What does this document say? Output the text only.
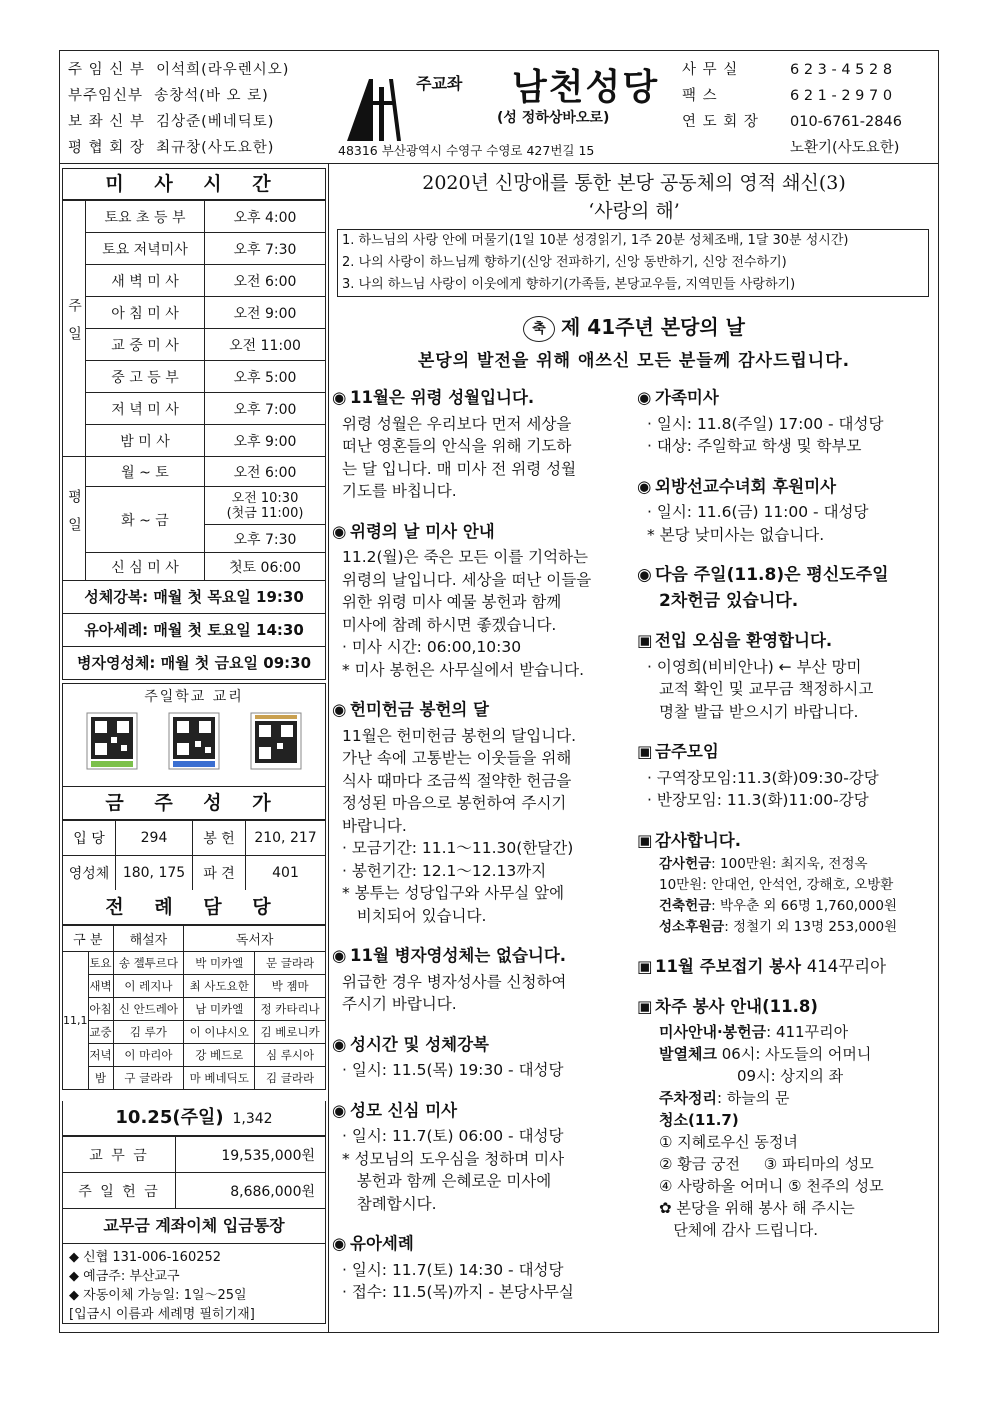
주 임 신 부 이석희(라우렌시오)
부주임신부 송창석(바 오 로)
보 좌 신 부 김상준(베네딕토)
평 협 회 장 최규창(사도요한)
주교좌 남천성당
(성 정하상바오로)
48316 부산광역시 수영구 수영로 427번길 15
사 무 실	6 2 3 - 4 5 2 8
팩 스	6 2 1 - 2 9 7 0
연 도 회 장	010-6761-2846
노환기(사도요한)
미 사 시 간
주일	토요 초 등 부	오후 4:00
	토요 저녁미사	오후 7:30
	새 벽 미 사	오전 6:00
	아 침 미 사	오전 9:00
	교 중 미 사	오전 11:00
	중 고 등 부	오후 5:00
	저 녁 미 사	오후 7:00
	밤 미 사	오후 9:00
평일	월 ~ 토	오전 6:00
	화 ~ 금	오전 10:30
(첫금 11:00)

		오후 7:30
	신 심 미 사	첫토 06:00
성체강복: 매월 첫 목요일 19:30
유아세례: 매월 첫 토요일 14:30
병자영성체: 매월 첫 금요일 09:30
주일학교 교리
금 주 성 가
입 당	294	봉 헌	210, 217
영성체	180, 175	파 견	401
전 례 담 당
구 분		해설자	독서자	
11,1	토요	송 젤투르다	박 미카엘	문 글라라
	새벽	이 레지나	최 사도요한	박 젬마
	아침	신 안드레아	남 미카엘	정 카타리나
	교중	김 루가	이 이냐시오	김 베로니카
	저녁	이 마리아	강 베드로	심 루시아
	밤	구 글라라	마 베네딕도	김 글라라
10.25(주일) 1,342
교 무 금	19,535,000원
주 일 헌 금	8,686,000원
교무금 계좌이체 입금통장
◆ 신협 131-006-160252
◆ 예금주: 부산교구
◆ 자동이체 가능일: 1일～25일
[입금시 이름과 세례명 필히기재]
2020년 신망애를 통한 본당 공동체의 영적 쇄신(3)
‘사랑의 해’
1. 하느님의 사랑 안에 머물기(1일 10분 성경읽기, 1주 20분 성체조배, 1달 30분 성시간)
2. 나의 사랑이 하느님께 향하기(신앙 전파하기, 신앙 동반하기, 신앙 전수하기)
3. 나의 하느님 사랑이 이웃에게 향하기(가족들, 본당교우들, 지역민들 사랑하기)
축 제 41주년 본당의 날
본당의 발전을 위해 애쓰신 모든 분들께 감사드립니다.
◉ 11월은 위령 성월입니다.

위령 성월은 우리보다 먼저 세상을

떠난 영혼들의 안식을 위해 기도하

는 달 입니다. 매 미사 전 위령 성월

기도를 바칩니다.

◉ 위령의 날 미사 안내

11.2(월)은 죽은 모든 이를 기억하는

위령의 날입니다. 세상을 떠난 이들을

위한 위령 미사 예물 봉헌과 함께

미사에 참례 하시면 좋겠습니다.

· 미사 시간: 06:00,10:30

* 미사 봉헌은 사무실에서 받습니다.

◉ 헌미헌금 봉헌의 달

11월은 헌미헌금 봉헌의 달입니다.

가난 속에 고통받는 이웃들을 위해

식사 때마다 조금씩 절약한 헌금을

정성된 마음으로 봉헌하여 주시기

바랍니다.

· 모금기간: 11.1～11.30(한달간)

· 봉헌기간: 12.1～12.13까지

* 봉투는 성당입구와 사무실 앞에

비치되어 있습니다.

◉ 11월 병자영성체는 없습니다.

위급한 경우 병자성사를 신청하여

주시기 바랍니다.

◉ 성시간 및 성체강복

· 일시: 11.5(목) 19:30 - 대성당

◉ 성모 신심 미사

· 일시: 11.7(토) 06:00 - 대성당

* 성모님의 도우심을 청하며 미사

봉헌과 함께 은혜로운 미사에

참례합시다.

◉ 유아세례

· 일시: 11.7(토) 14:30 - 대성당

· 접수: 11.5(목)까지 - 본당사무실

◉ 가족미사

· 일시: 11.8(주일) 17:00 - 대성당

· 대상: 주일학교 학생 및 학부모

◉ 외방선교수녀회 후원미사

· 일시: 11.6(금) 11:00 - 대성당

* 본당 낮미사는 없습니다.

◉ 다음 주일(11.8)은 평신도주일
2차헌금 있습니다.
▣ 전입 오심을 환영합니다.

· 이영희(비비안나) ← 부산 망미

교적 확인 및 교무금 책정하시고

명찰 발급 받으시기 바랍니다.

▣ 금주모임

· 구역장모임:11.3(화)09:30-강당

· 반장모임: 11.3(화)11:00-강당

▣ 감사합니다.

감사헌금: 100만원: 최지욱, 전정옥

10만원: 안대언, 안석언, 강해호, 오방환

건축헌금: 박우춘 외 66명 1,760,000원

성소후원금: 정철기 외 13명 253,000원

▣ 11월 주보접기 봉사 414꾸리아
▣ 차주 봉사 안내(11.8)

미사안내·봉헌금: 411꾸리아

발열체크 06시: 사도들의 어머니

09시: 상지의 좌

주차정리: 하늘의 문

청소(11.7)

① 지혜로우신 동정녀

② 황금 궁전     ③ 파티마의 성모

④ 사랑하올 어머니 ⑤ 천주의 성모

✿ 본당을 위해 봉사 해 주시는

단체에 감사 드립니다.
